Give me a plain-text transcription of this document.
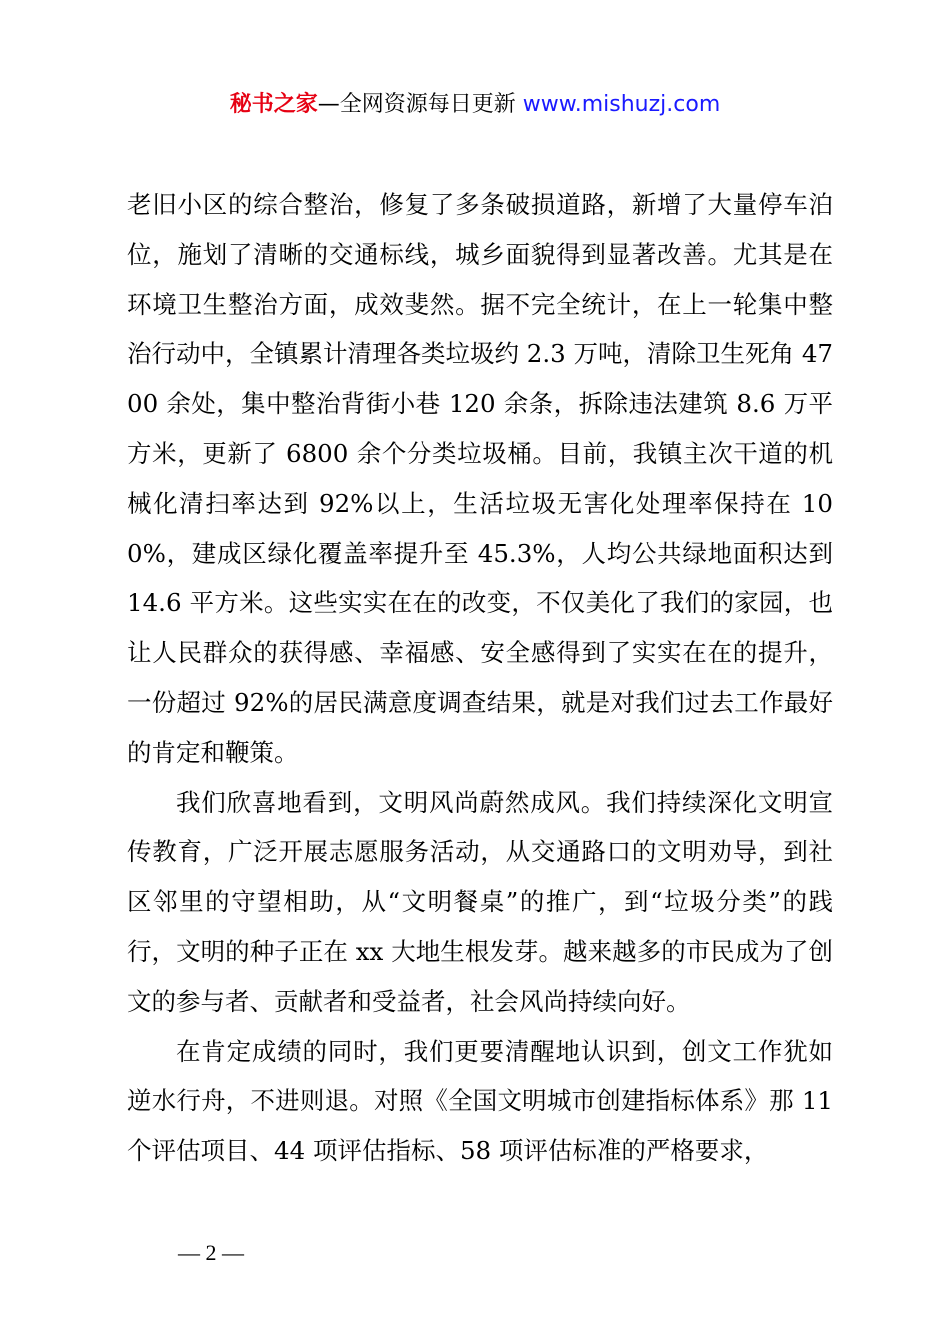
秘书之家—全网资源每日更新 www.mishuzj.com

老旧小区的综合整治，修复了多条破损道路，新增了大量停车泊位，施划了清晰的交通标线，城乡面貌得到显著改善。尤其是在环境卫生整治方面，成效斐然。据不完全统计，在上一轮集中整治行动中，全镇累计清理各类垃圾约 2.3 万吨，清除卫生死角 4700 余处，集中整治背街小巷 120 余条，拆除违法建筑 8.6 万平方米，更新了 6800 余个分类垃圾桶。目前，我镇主次干道的机械化清扫率达到 92%以上，生活垃圾无害化处理率保持在 100%，建成区绿化覆盖率提升至 45.3%，人均公共绿地面积达到 14.6 平方米。这些实实在在的改变，不仅美化了我们的家园，也让人民群众的获得感、幸福感、安全感得到了实实在在的提升，一份超过 92%的居民满意度调查结果，就是对我们过去工作最好的肯定和鞭策。

我们欣喜地看到，文明风尚蔚然成风。我们持续深化文明宣传教育，广泛开展志愿服务活动，从交通路口的文明劝导，到社区邻里的守望相助，从“文明餐桌”的推广，到“垃圾分类”的践行，文明的种子正在 xx 大地生根发芽。越来越多的市民成为了创文的参与者、贡献者和受益者，社会风尚持续向好。

在肯定成绩的同时，我们更要清醒地认识到，创文工作犹如逆水行舟，不进则退。对照《全国文明城市创建指标体系》那 11 个评估项目、44 项评估指标、58 项评估标准的严格要求，

— 2 —
